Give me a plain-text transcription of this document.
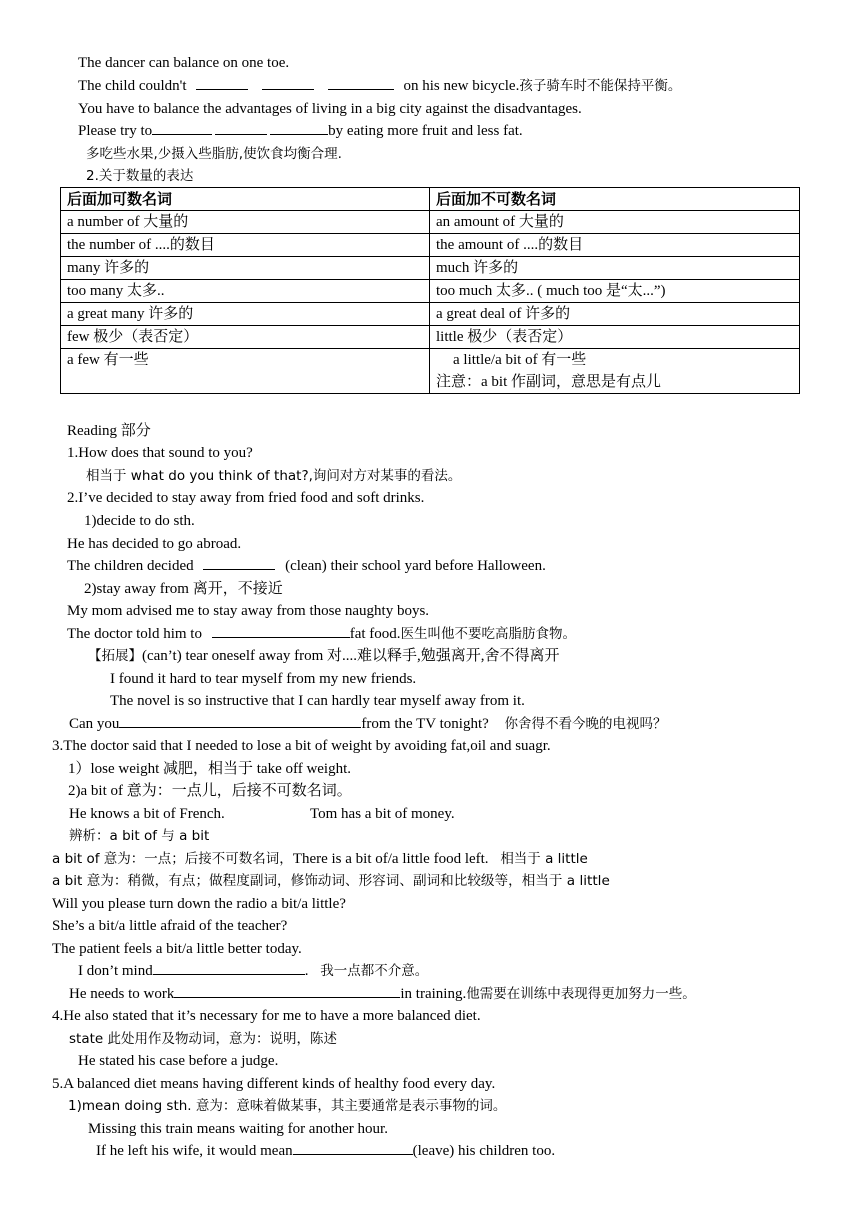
The dancer can balance on one toe.
The child couldn't	on his new bicycle.孩子骑车时不能保持平衡。
You have to balance the advantages of living in a big city against the disadvantages.
Please try to	by eating more fruit and less fat.
多吃些水果,少摄入些脂肪,使饮食均衡合理.
2.关于数量的表达
后面加可数名词	后面加不可数名词
a number of 大量的	an amount of 大量的
the number of ....的数目	the amount of ....的数目
many 许多的	much 许多的
too many 太多..	too much 太多.. ( much too 是“太...”)
a great many 许多的	a great deal of 许多的
few 极少（表否定）	little 极少（表否定）
a few 有一些	a little/a bit of 有一些
注意：a bit 作副词，意思是有点儿
Reading 部分
1.How does that sound to you?
相当于 what do you think of that?,询问对方对某事的看法。
2.I’ve decided to stay away from fried food and soft drinks.
1)decide to do sth.
He has decided to go abroad.
The children decided	(clean) their school yard before Halloween.
2)stay away from 离开，不接近
My mom advised me to stay away from those naughty boys.
The doctor told him to	fat food.医生叫他不要吃高脂肪食物。
【拓展】(can’t) tear oneself away from 对....难以释手,勉强离开,舍不得离开
I found it hard to tear myself from my new friends.
The novel is so instructive that I can hardly tear myself away from it.
Can you	from the TV tonight? 你舍得不看今晚的电视吗？
3.The doctor said that I needed to lose a bit of weight by avoiding fat,oil and suagr.
1）lose weight 减肥，相当于 take off weight.
2)a bit of 意为：一点儿，后接不可数名词。
He knows a bit of French.	Tom has a bit of money.
辨析：a bit of 与 a bit
a bit of 意为：一点；后接不可数名词，There is a bit of/a little food left. 相当于 a little
a bit 意为：稍微，有点；做程度副词，修饰动词、形容词、副词和比较级等，相当于 a little
Will you please turn down the radio a bit/a little?
She’s a bit/a little afraid of the teacher?
The patient feels a bit/a little better today.
I don’t mind	. 我一点都不介意。
He needs to work	in training.他需要在训练中表现得更加努力一些。
4.He also stated that it’s necessary for me to have a more balanced diet.
state 此处用作及物动词，意为：说明，陈述
He stated his case before a judge.
5.A balanced diet means having different kinds of healthy food every day.
1)mean doing sth. 意为：意味着做某事，其主要通常是表示事物的词。
Missing this train means waiting for another hour.
If he left his wife, it would mean	(leave) his children too.
